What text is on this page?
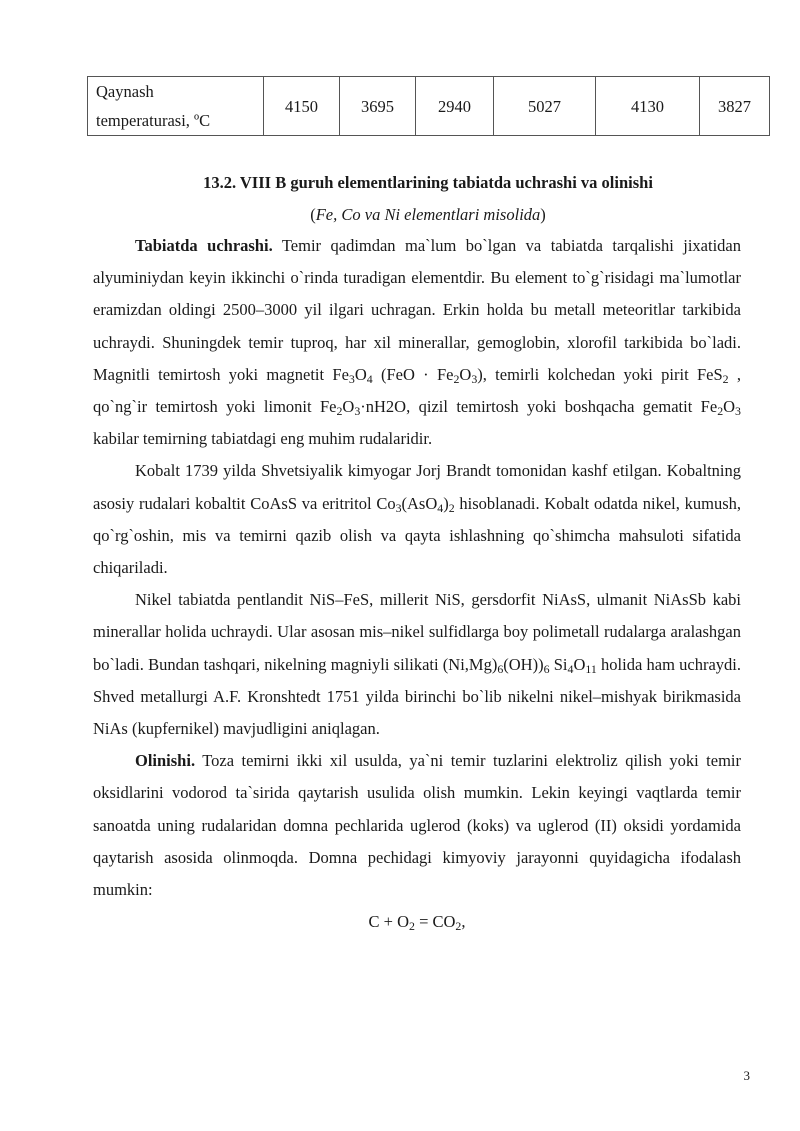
Qaynash
temperaturasi, ºC	4150	3695	2940	5027	4130	3827
13.2. VIII B guruh elementlarining tabiatda uchrashi va olinishi
(Fe, Co va Ni elementlari misolida)

Tabiatda uchrashi. Temir qadimdan ma`lum bo`lgan va tabiatda tarqalishi jixatidan alyuminiydan keyin ikkinchi o`rinda turadigan elementdir. Bu element to`g`risidagi ma`lumotlar eramizdan oldingi 2500–3000 yil ilgari uchragan. Erkin holda bu metall meteoritlar tarkibida uchraydi. Shuningdek temir tuproq, har xil minerallar, gemoglobin, xlorofil tarkibida bo`ladi. Magnitli temirtosh yoki magnetit $Fe_3O_4$ $(FeO \cdot Fe_2O_3)$, temirli kolchedan yoki pirit FeS$_2$ , qo`ng`ir temirtosh yoki limonit $Fe_2O_3\cdot nH2O$, qizil temirtosh yoki boshqacha gematit $Fe_2O_3$ kabilar temirning tabiatdagi eng muhim rudalaridir.

Kobalt 1739 yilda Shvetsiyalik kimyogar Jorj Brandt tomonidan kashf etilgan. Kobaltning asosiy rudalari kobaltit CoAsS va eritritol $Co_3(AsO_4)_2$ hisoblanadi. Kobalt odatda nikel, kumush, qo`rg`oshin, mis va temirni qazib olish va qayta ishlashning qo`shimcha mahsuloti sifatida chiqariladi.

Nikel tabiatda pentlandit NiS–FeS, millerit NiS, gersdorfit NiAsS, ulmanit NiAsSb kabi minerallar holida uchraydi. Ular asosan mis–nikel sulfidlarga boy polimetall rudalarga aralashgan bo`ladi. Bundan tashqari, nikelning magniyli silikati $(Ni,Mg)_6(OH))_6$ $Si_4O_{11}$ holida ham uchraydi. Shved metallurgi A.F. Kronshtedt 1751 yilda birinchi bo`lib nikelni nikel–mishyak birikmasida NiAs (kupfernikel) mavjudligini aniqlagan.

Olinishi. Toza temirni ikki xil usulda, ya`ni temir tuzlarini elektroliz qilish yoki temir oksidlarini vodorod ta`sirida qaytarish usulida olish mumkin. Lekin keyingi vaqtlarda temir sanoatda uning rudalaridan domna pechlarida uglerod (koks) va uglerod (II) oksidi yordamida qaytarish asosida olinmoqda. Domna pechidagi kimyoviy jarayonni quyidagicha ifodalash mumkin:

$C + O_2 = CO_2$,

3
